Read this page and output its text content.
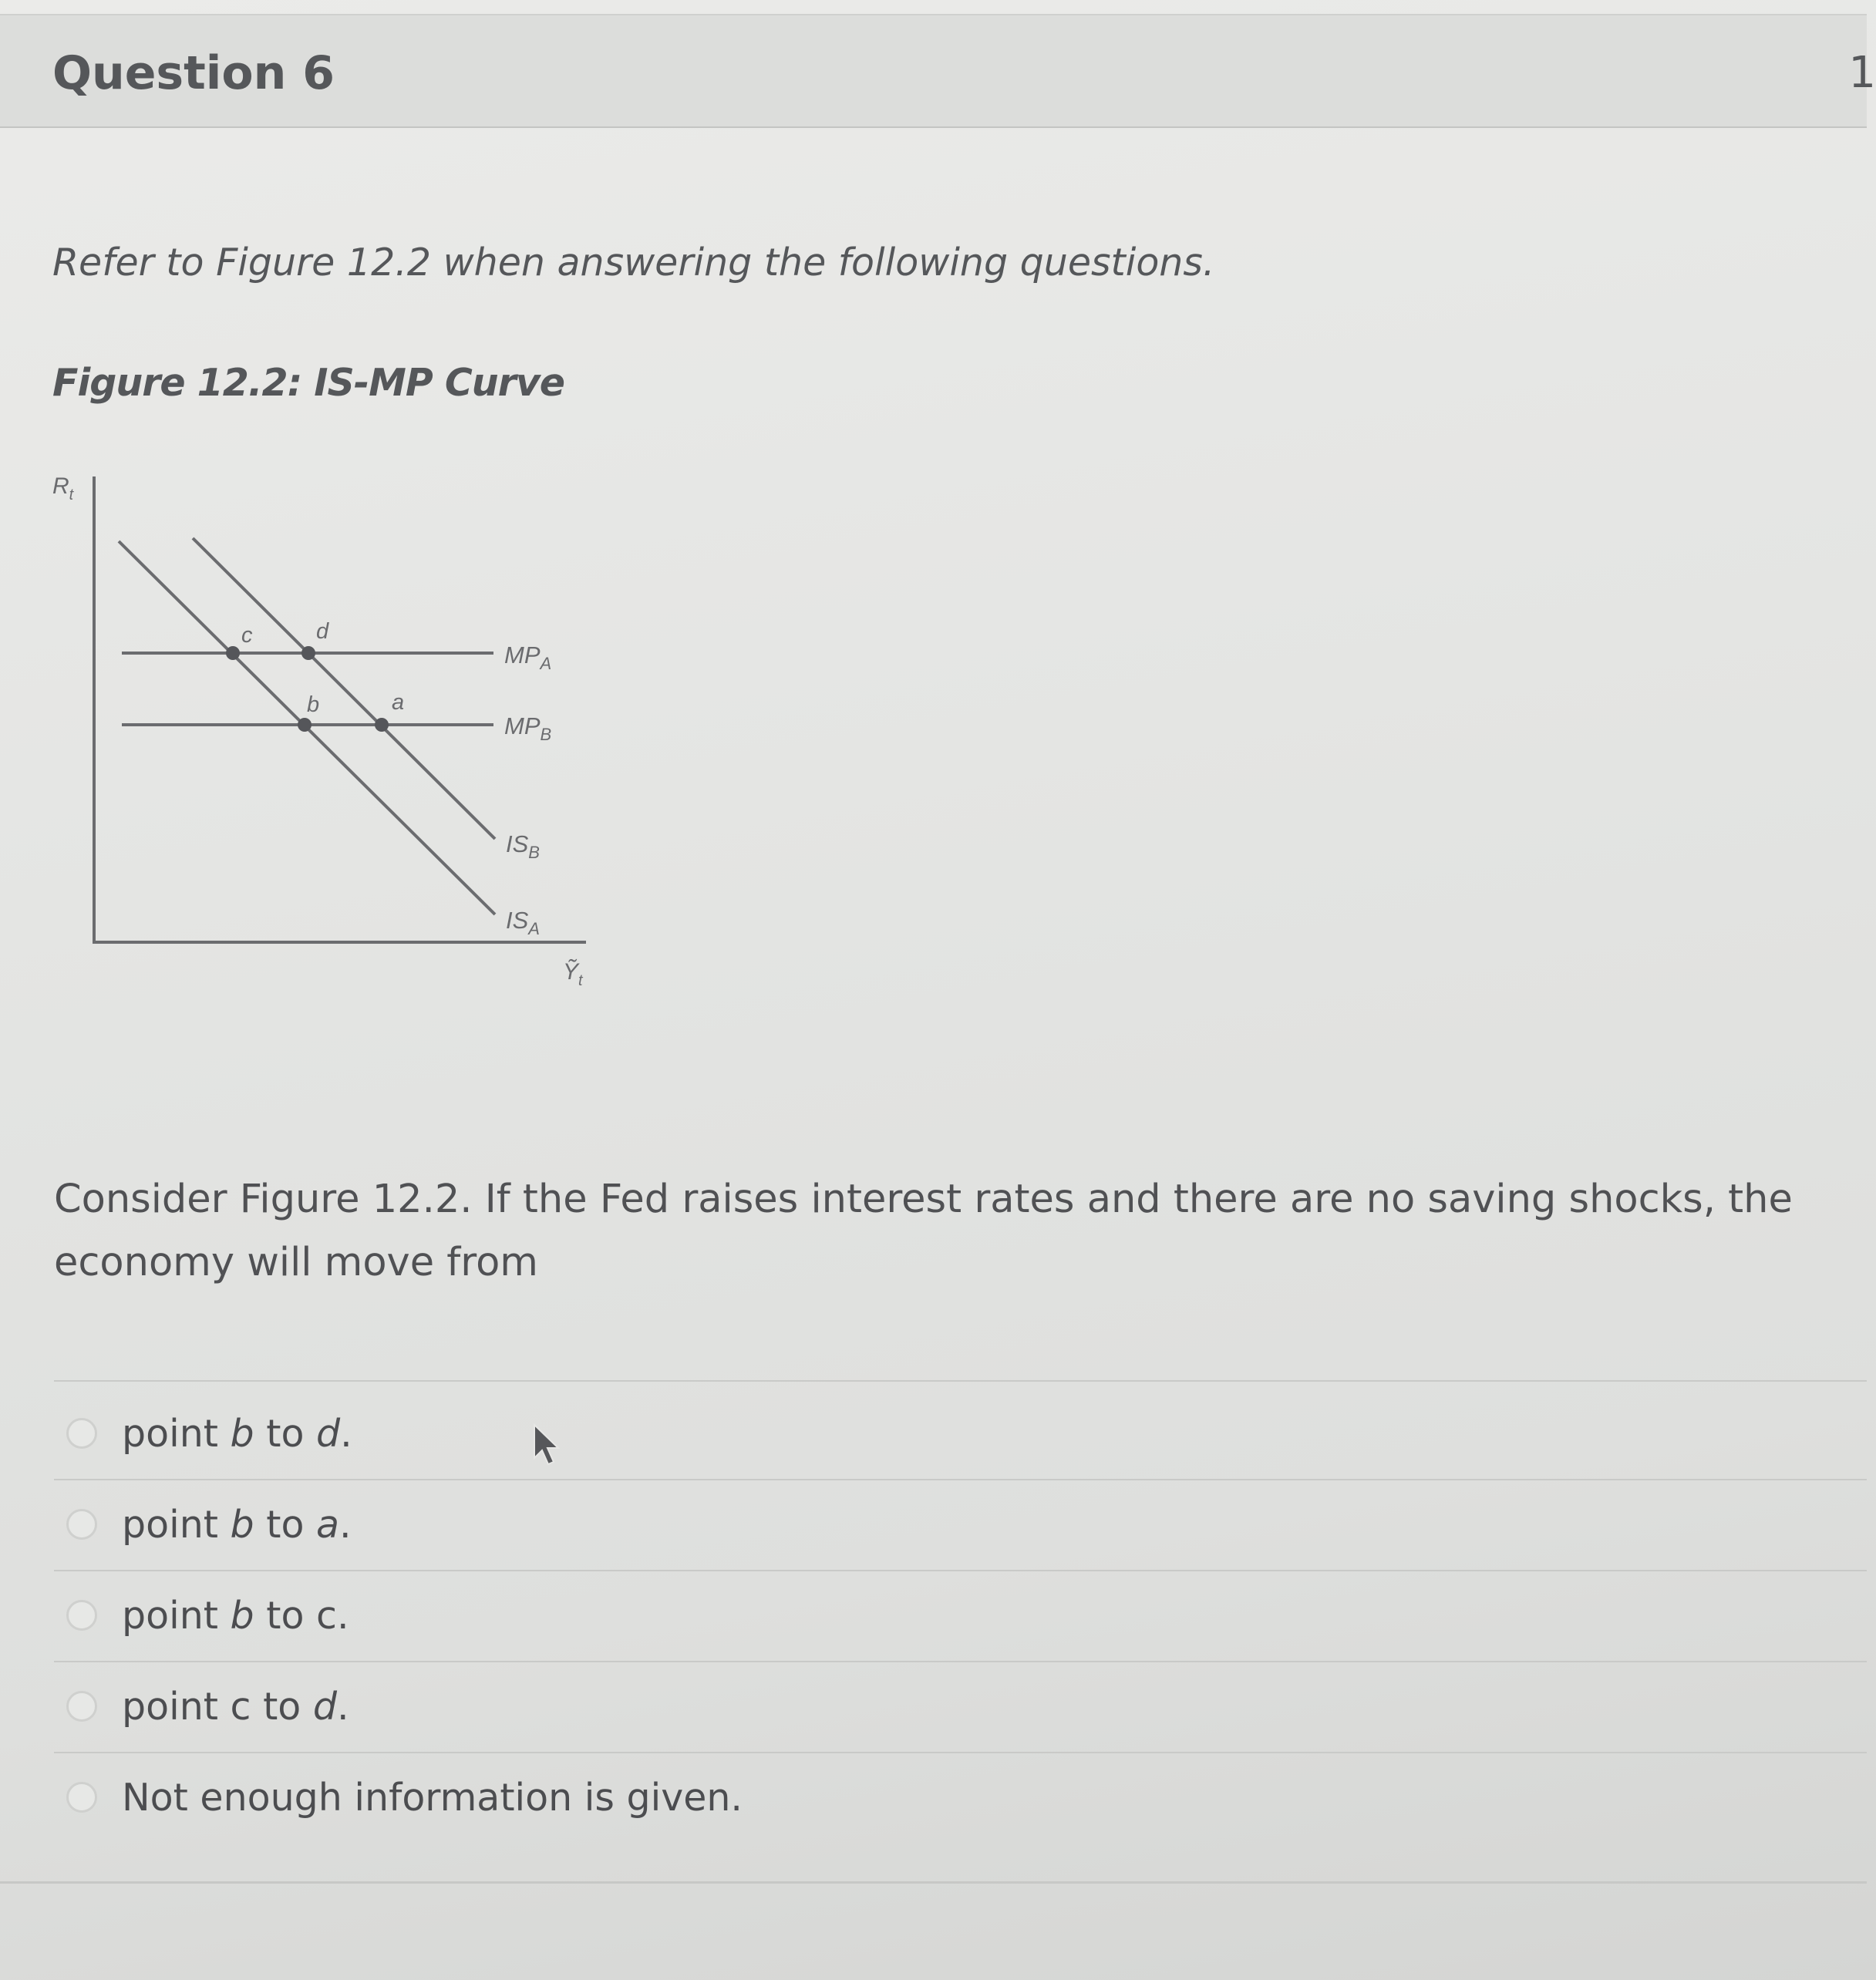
Question 6	1
Refer to Figure 12.2 when answering the following questions.
Figure 12.2: IS-MP Curve
$R_t$
Ỹ$_t$
c	d
b	a
$MP_A$
$MP_B$
$IS_B$
$IS_A$
Consider Figure 12.2. If the Fed raises interest rates and there are no saving shocks, the economy will move from
point b to d.
point b to a.
point b to c.
point c to d.
Not enough information is given.
